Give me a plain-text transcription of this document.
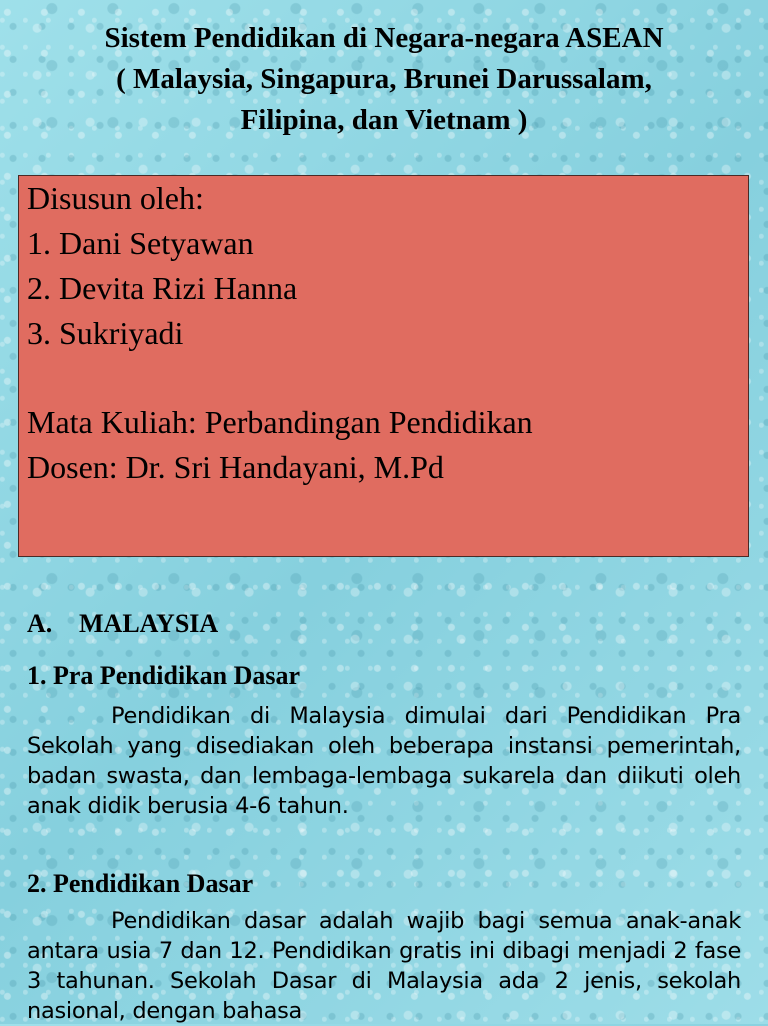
Sistem Pendidikan di Negara-negara ASEAN
( Malaysia, Singapura, Brunei Darussalam,
Filipina, dan Vietnam )
Disusun oleh:
1. Dani Setyawan
2. Devita Rizi Hanna
3. Sukriyadi
Mata Kuliah: Perbandingan Pendidikan
Dosen: Dr. Sri Handayani, M.Pd
A. MALAYSIA
1. Pra Pendidikan Dasar
Pendidikan di Malaysia dimulai dari Pendidikan Pra Sekolah yang disediakan oleh beberapa instansi pemerintah, badan swasta, dan lembaga-lembaga sukarela dan diikuti oleh anak didik berusia 4-6 tahun.
2. Pendidikan Dasar
Pendidikan dasar adalah wajib bagi semua anak-anak antara usia 7 dan 12. Pendidikan gratis ini dibagi menjadi 2 fase 3 tahunan. Sekolah Dasar di Malaysia ada 2 jenis, sekolah nasional, dengan bahasa
